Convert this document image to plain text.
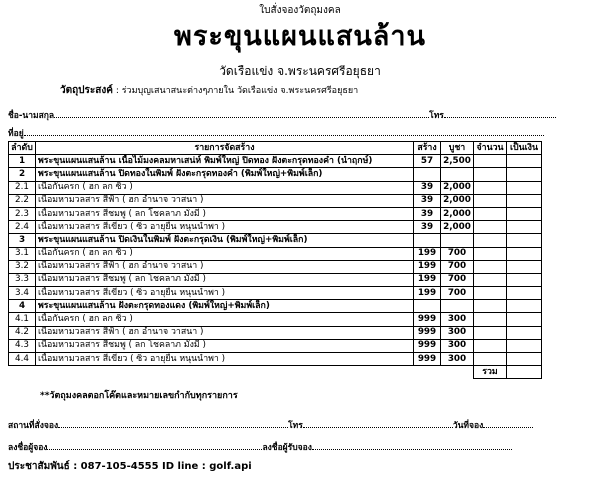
ใบสั่งจองวัตถุมงคล
พระขุนแผนแสนล้าน
วัดเรือแข่ง จ.พระนครศรีอยุธยา
วัตถุประสงค์ : ร่วมบุญเสนาสนะต่างๆภายใน วัดเรือแข่ง จ.พระนครศรีอยุธยา
ชื่อ-นามสกุล	โทร
ที่อยู่
ลำดับ	รายการจัดสร้าง	สร้าง	บูชา	จำนวน	เป็นเงิน
1	พระขุนแผนแสนล้าน เนื้อไม้มงคลมหาเสน่ห์ พิมพ์ใหญ่ ปิดทอง ฝังตะกรุดทองคำ (นำฤกษ์)	57	2,500		
2	พระขุนแผนแสนล้าน ปิดทองในพิมพ์ ฝังตะกรุดทองคำ (พิมพ์ใหญ่+พิมพ์เล็ก)				
2.1	เนื้อกันครก ( ฮก ลก ซิ่ว )	39	2,000		
2.2	เนื้อมหามวลสาร สีฟ้า ( ฮก อำนาจ วาสนา )	39	2,000		
2.3	เนื้อมหามวลสาร สีชมพู ( ลก โชคลาภ มั่งมี )	39	2,000		
2.4	เนื้อมหามวลสาร สีเขียว ( ซิ่ว อายุยืน หนุนนำพา )	39	2,000		
3	พระขุนแผนแสนล้าน ปิดเงินในพิมพ์ ฝังตะกรุดเงิน (พิมพ์ใหญ่+พิมพ์เล็ก)				
3.1	เนื้อกันครก ( ฮก ลก ซิ่ว )	199	700		
3.2	เนื้อมหามวลสาร สีฟ้า ( ฮก อำนาจ วาสนา )	199	700		
3.3	เนื้อมหามวลสาร สีชมพู ( ลก โชคลาภ มั่งมี )	199	700		
3.4	เนื้อมหามวลสาร สีเขียว ( ซิ่ว อายุยืน หนุนนำพา )	199	700		
4	พระขุนแผนแสนล้าน ฝังตะกรุดทองแดง (พิมพ์ใหญ่+พิมพ์เล็ก)				
4.1	เนื้อกันครก ( ฮก ลก ซิ่ว )	999	300		
4.2	เนื้อมหามวลสาร สีฟ้า ( ฮก อำนาจ วาสนา )	999	300		
4.3	เนื้อมหามวลสาร สีชมพู ( ลก โชคลาภ มั่งมี )	999	300		
4.4	เนื้อมหามวลสาร สีเขียว ( ซิ่ว อายุยืน หนุนนำพา )	999	300		
				รวม	
**วัตถุมงคลตอกโค๊ตและหมายเลขกำกับทุกรายการ
สถานที่สั่งจอง	โทร	วันที่จอง
ลงชื่อผู้จอง	ลงชื่อผู้รับจอง
ประชาสัมพันธ์ : 087-105-4555 ID line : golf.api
